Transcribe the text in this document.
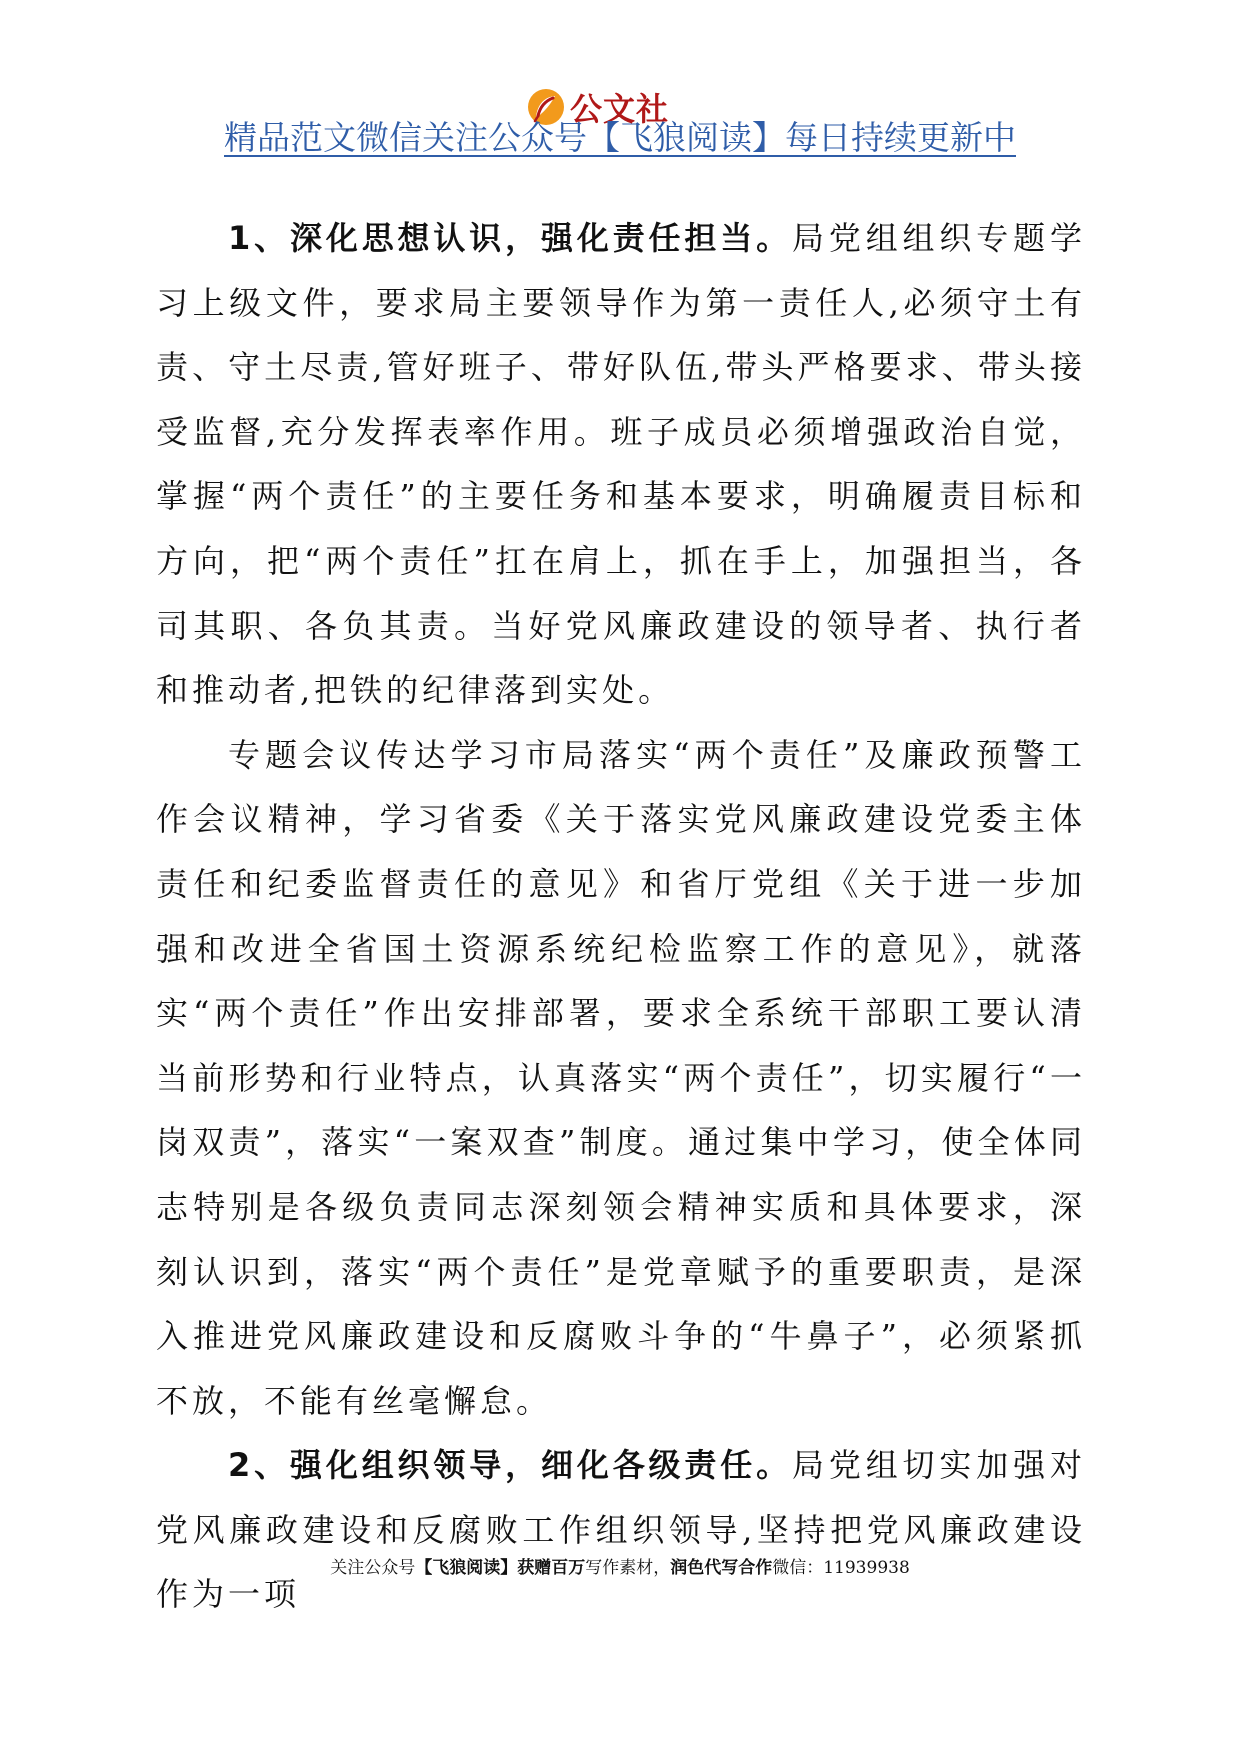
公文社
精品范文微信关注公众号【飞狼阅读】每日持续更新中

1、深化思想认识，强化责任担当。局党组组织专题学习上级文件，要求局主要领导作为第一责任人,必须守土有责、守土尽责,管好班子、带好队伍,带头严格要求、带头接受监督,充分发挥表率作用。班子成员必须增强政治自觉，掌握“两个责任”的主要任务和基本要求，明确履责目标和方向，把“两个责任”扛在肩上，抓在手上，加强担当，各司其职、各负其责。当好党风廉政建设的领导者、执行者和推动者,把铁的纪律落到实处。

专题会议传达学习市局落实“两个责任”及廉政预警工作会议精神，学习省委《关于落实党风廉政建设党委主体责任和纪委监督责任的意见》和省厅党组《关于进一步加强和改进全省国土资源系统纪检监察工作的意见》，就落实“两个责任”作出安排部署，要求全系统干部职工要认清当前形势和行业特点，认真落实“两个责任”，切实履行“一岗双责”，落实“一案双查”制度。通过集中学习，使全体同志特别是各级负责同志深刻领会精神实质和具体要求，深刻认识到，落实“两个责任”是党章赋予的重要职责，是深入推进党风廉政建设和反腐败斗争的“牛鼻子”，必须紧抓不放，不能有丝毫懈怠。

2、强化组织领导，细化各级责任。局党组切实加强对党风廉政建设和反腐败工作组织领导,坚持把党风廉政建设作为一项

关注公众号【飞狼阅读】获赠百万写作素材，润色代写合作微信：11939938
